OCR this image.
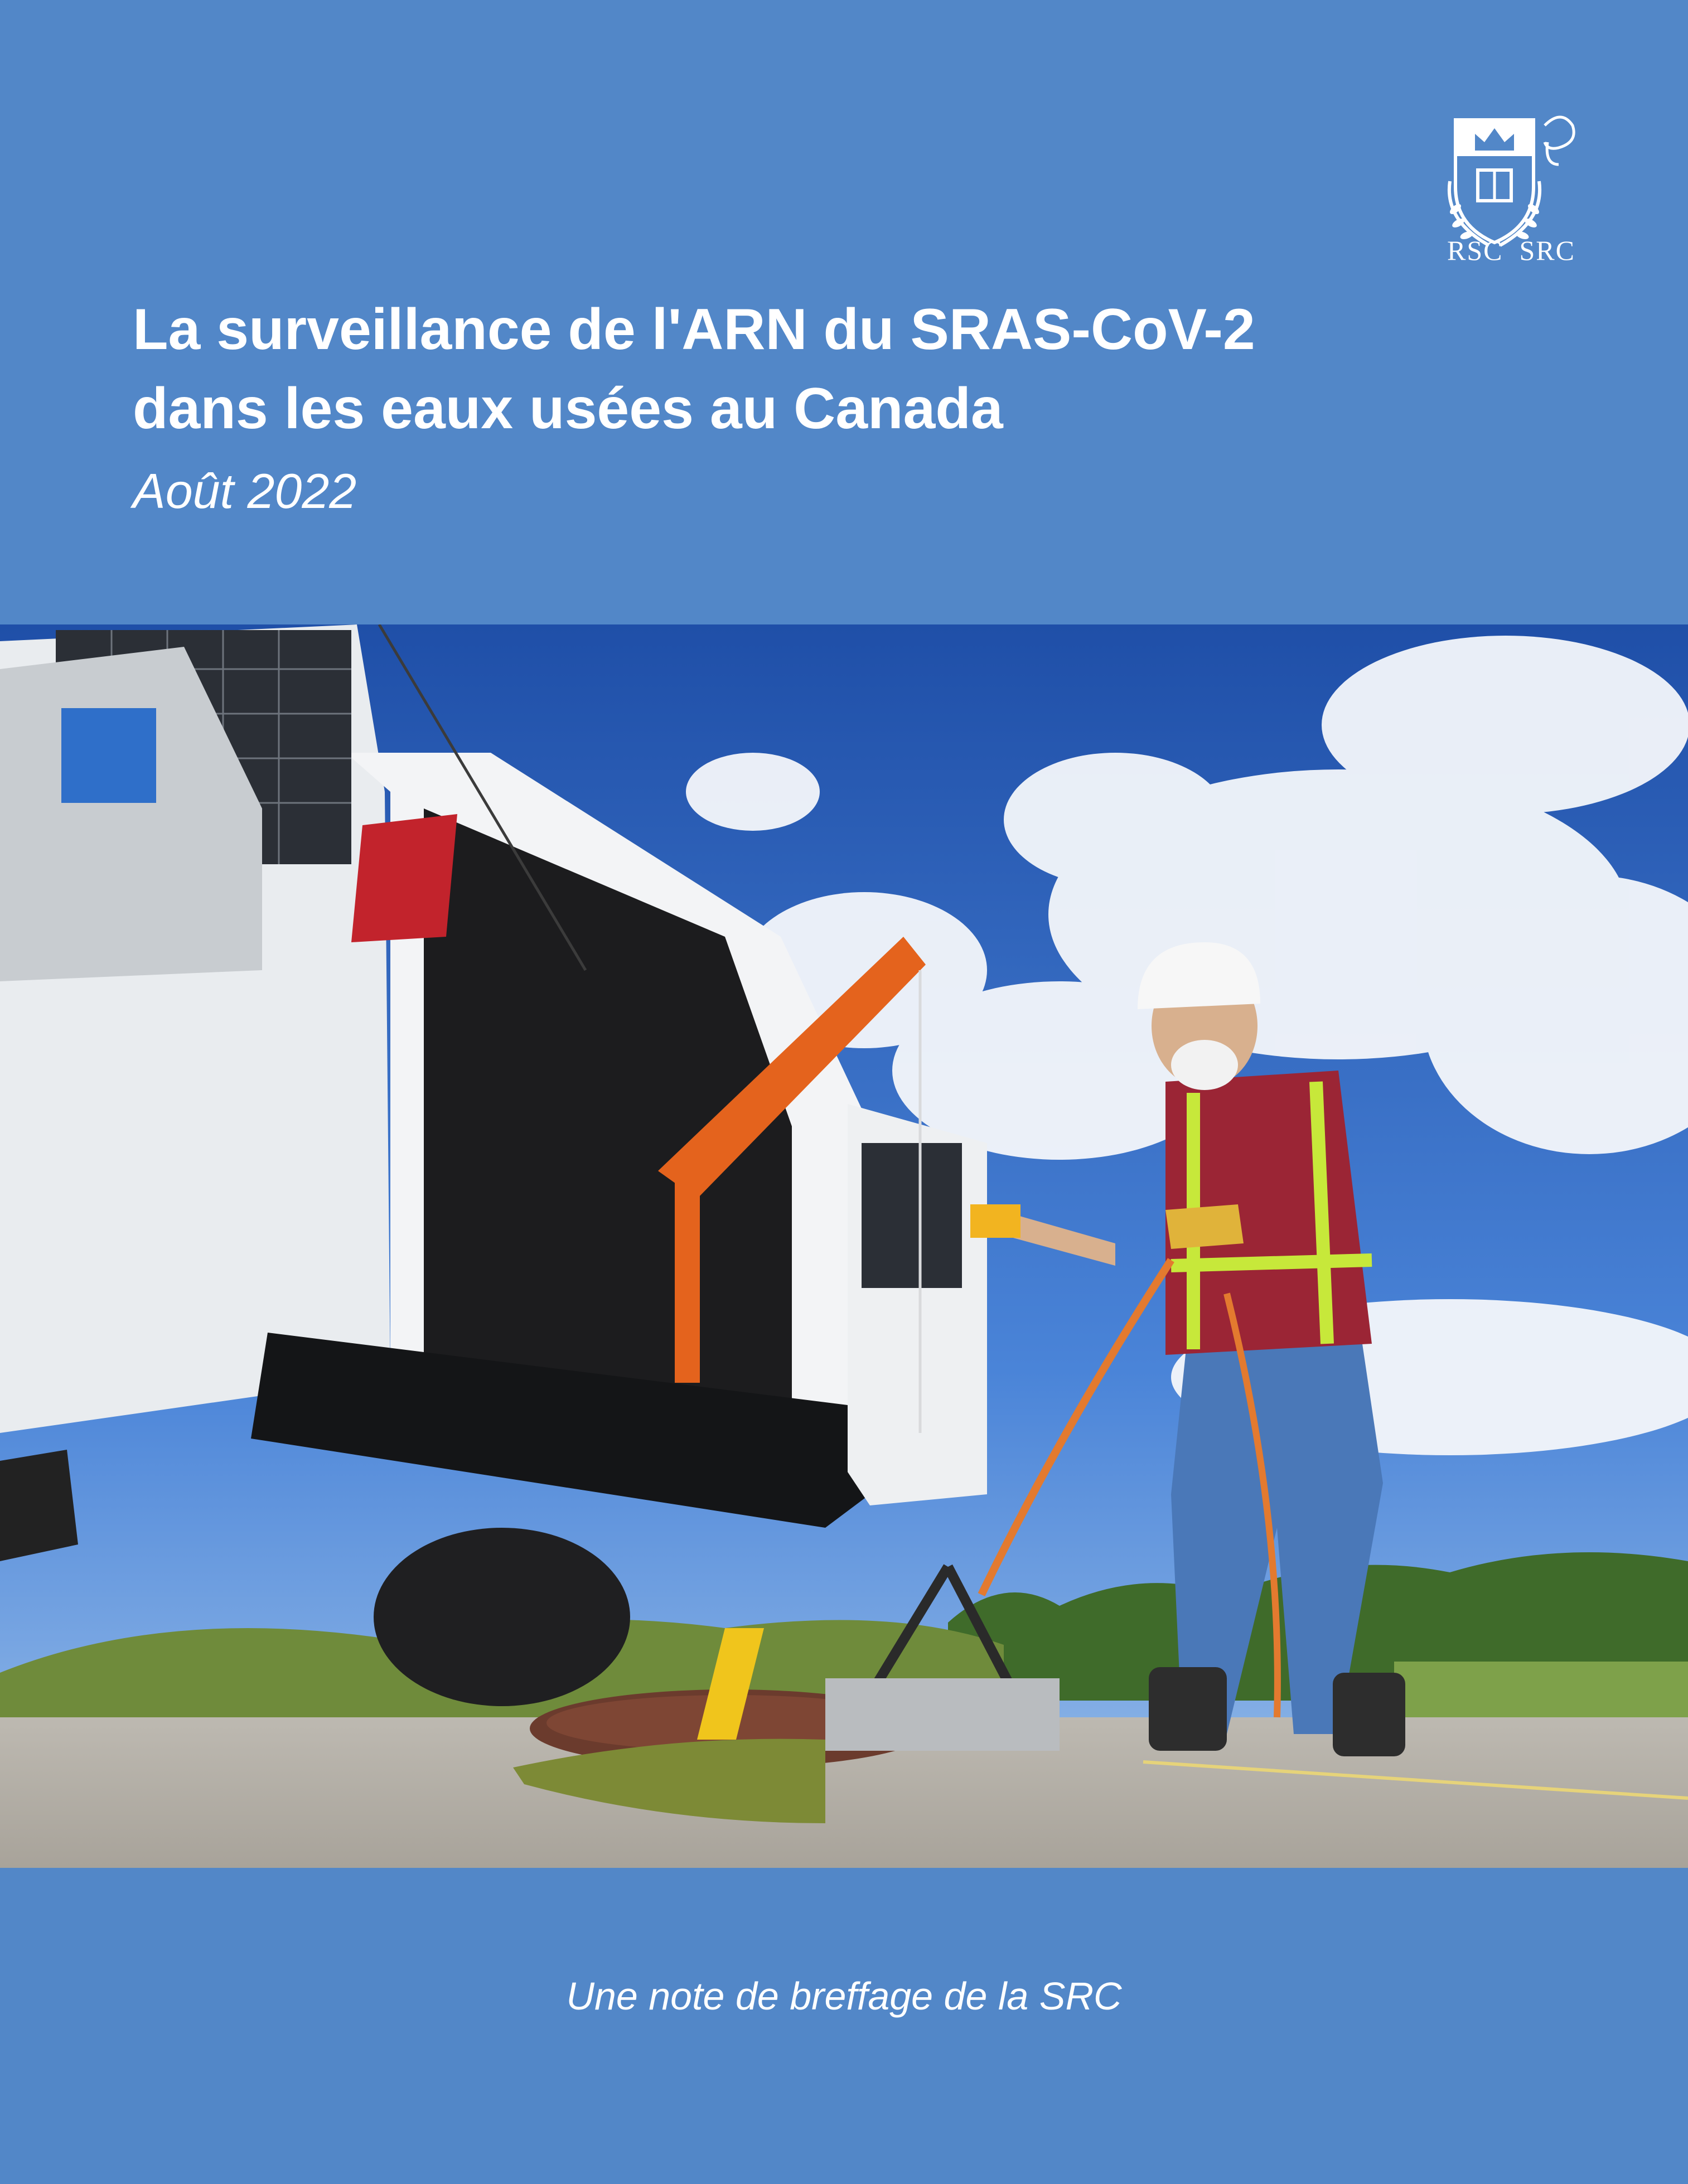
RSC SRC
La surveillance de l'ARN du SRAS-CoV-2
dans les eaux usées au Canada

Août 2022

Une note de breffage de la SRC
